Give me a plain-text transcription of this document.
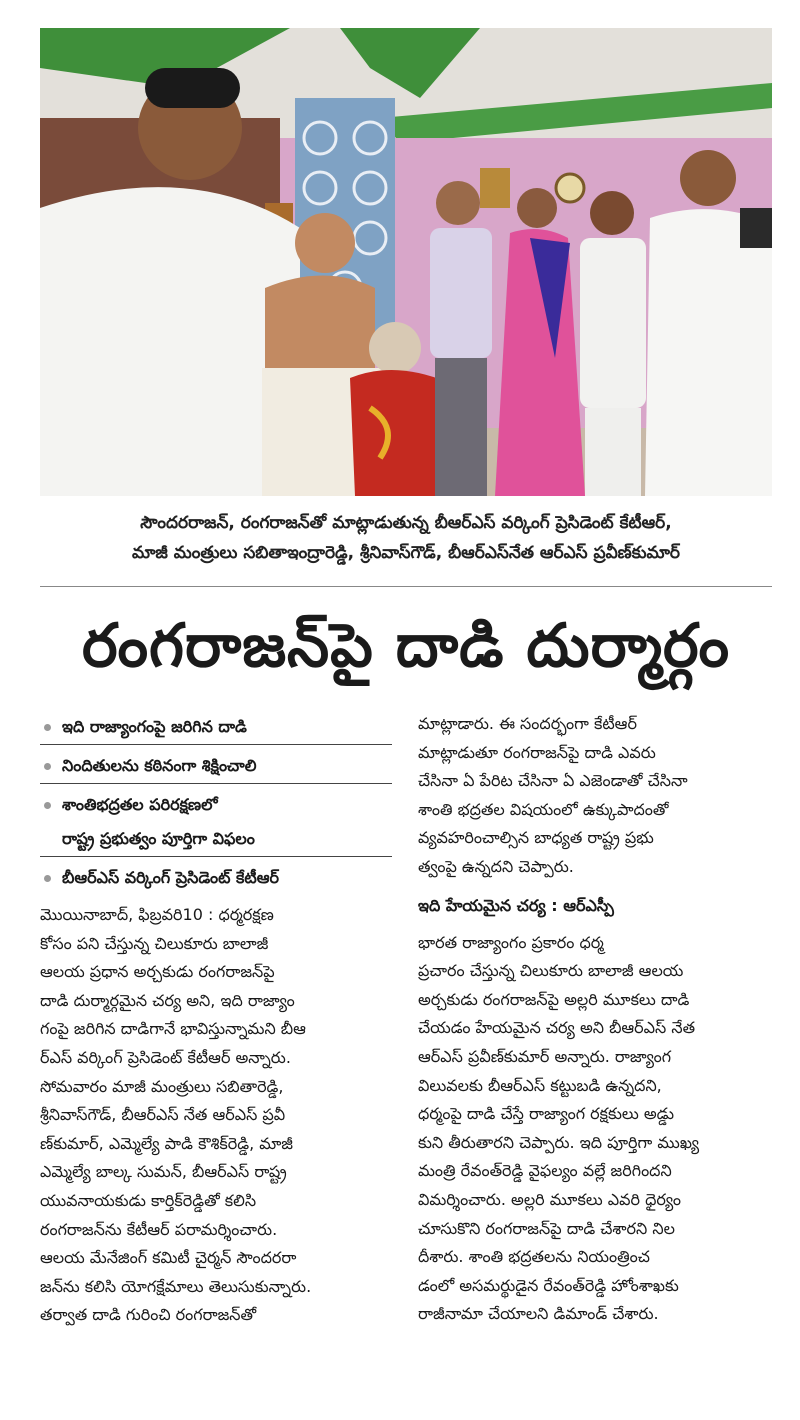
సౌందరరాజన్, రంగరాజన్‌తో మాట్లాడుతున్న బీఆర్ఎస్ వర్కింగ్ ప్రెసిడెంట్ కేటీఆర్,

మాజీ మంత్రులు సబితాఇంద్రారెడ్డి, శ్రీనివాస్‌గౌడ్, బీఆర్ఎస్‌నేత ఆర్ఎస్ ప్రవీణ్‌కుమార్

రంగరాజన్‌పై దాడి దుర్మార్గం
ఇది రాజ్యాంగంపై జరిగిన దాడి
నిందితులను కఠినంగా శిక్షించాలి
శాంతిభద్రతల పరిరక్షణలో
రాష్ట్ర ప్రభుత్వం పూర్తిగా విఫలం
బీఆర్ఎస్ వర్కింగ్ ప్రెసిడెంట్ కేటీఆర్

మొయినాబాద్, ఫిబ్రవరి10 : ధర్మరక్షణ
కోసం పని చేస్తున్న చిలుకూరు బాలాజీ
ఆలయ ప్రధాన అర్చకుడు రంగరాజన్‌పై
దాడి దుర్మార్గమైన చర్య అని, ఇది రాజ్యాం
గంపై జరిగిన దాడిగానే భావిస్తున్నామని బీఆ
ర్ఎస్ వర్కింగ్ ప్రెసిడెంట్ కేటీఆర్ అన్నారు.
సోమవారం మాజీ మంత్రులు సబితారెడ్డి,
శ్రీనివాస్‌గౌడ్, బీఆర్ఎస్ నేత ఆర్ఎస్ ప్రవీ
ణ్‌కుమార్, ఎమ్మెల్యే పాడి కౌశిక్‌రెడ్డి, మాజీ
ఎమ్మెల్యే బాల్క సుమన్, బీఆర్ఎస్ రాష్ట్ర
యువనాయకుడు కార్తిక్‌రెడ్డితో కలిసి
రంగరాజన్‌ను కేటీఆర్ పరామర్శించారు.
ఆలయ మేనేజింగ్ కమిటీ చైర్మన్ సౌందరరా
జన్‌ను కలిసి యోగక్షేమాలు తెలుసుకున్నారు.
తర్వాత దాడి గురించి రంగరాజన్‌తో

మాట్లాడారు. ఈ సందర్భంగా కేటీఆర్
మాట్లాడుతూ రంగరాజన్‌పై దాడి ఎవరు
చేసినా ఏ పేరిట చేసినా ఏ ఎజెండాతో చేసినా
శాంతి భద్రతల విషయంలో ఉక్కుపాదంతో
వ్యవహరించాల్సిన బాధ్యత రాష్ట్ర ప్రభు
త్వంపై ఉన్నదని చెప్పారు.

ఇది హేయమైన చర్య : ఆర్ఎస్పీ

భారత రాజ్యాంగం ప్రకారం ధర్మ
ప్రచారం చేస్తున్న చిలుకూరు బాలాజీ ఆలయ
అర్చకుడు రంగరాజన్‌పై అల్లరి మూకలు దాడి
చేయడం హేయమైన చర్య అని బీఆర్ఎస్ నేత
ఆర్ఎస్ ప్రవీణ్‌కుమార్ అన్నారు. రాజ్యాంగ
విలువలకు బీఆర్ఎస్ కట్టుబడి ఉన్నదని,
ధర్మంపై దాడి చేస్తే రాజ్యాంగ రక్షకులు అడ్డు
కుని తీరుతారని చెప్పారు. ఇది పూర్తిగా ముఖ్య
మంత్రి రేవంత్‌రెడ్డి వైఫల్యం వల్లే జరిగిందని
విమర్శించారు. అల్లరి మూకలు ఎవరి ధైర్యం
చూసుకొని రంగరాజన్‌పై దాడి చేశారని నిల
దీశారు. శాంతి భద్రతలను నియంత్రించ
డంలో అసమర్థుడైన రేవంత్‌రెడ్డి హోంశాఖకు
రాజీనామా చేయాలని డిమాండ్ చేశారు.
